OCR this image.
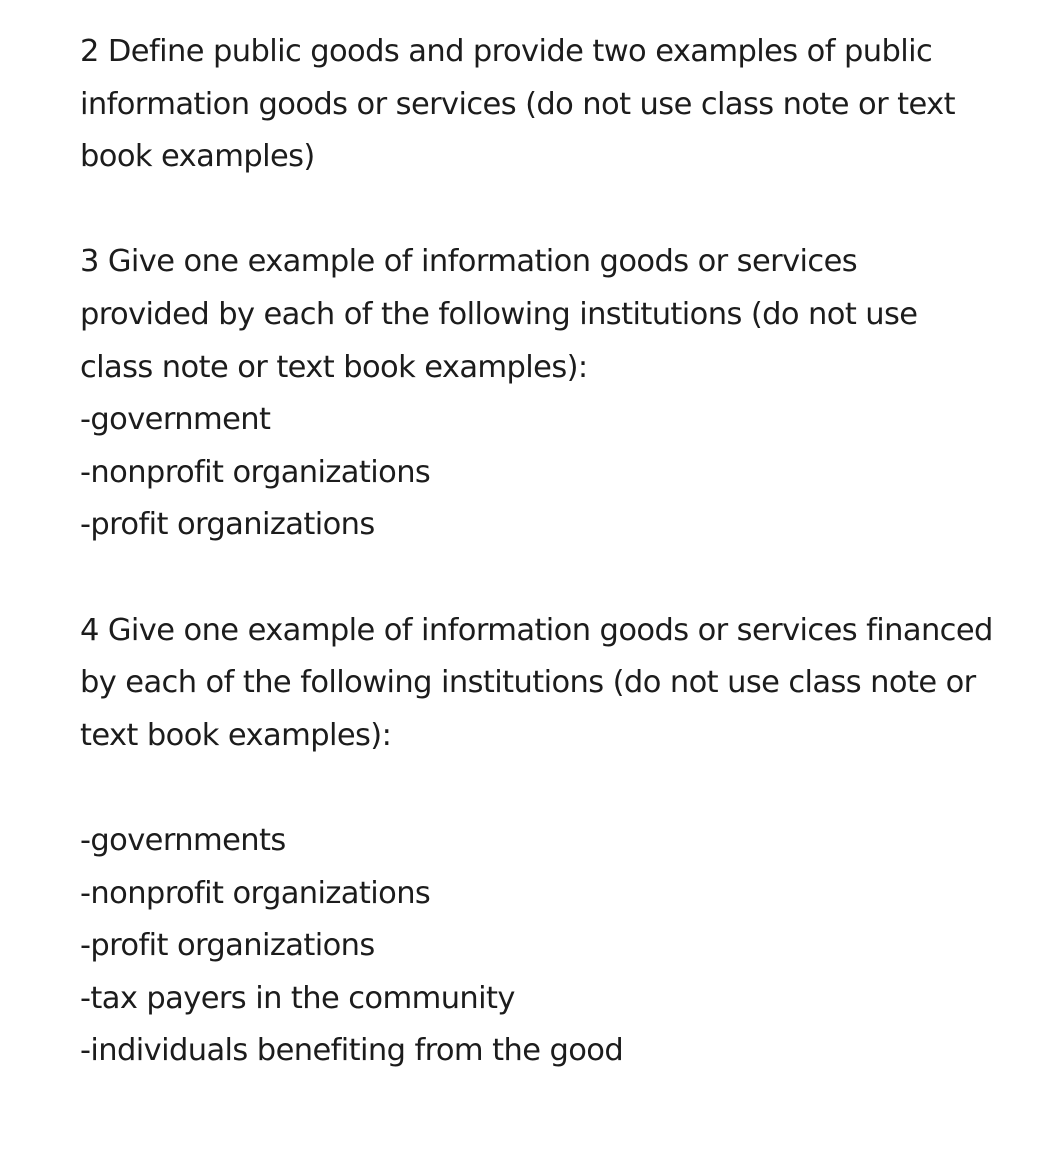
2 Define public goods and provide two examples of public
information goods or services (do not use class note or text
book examples)
3 Give one example of information goods or services
provided by each of the following institutions (do not use
class note or text book examples):
-government
-nonprofit organizations
-profit organizations
4 Give one example of information goods or services financed
by each of the following institutions (do not use class note or
text book examples):
-governments
-nonprofit organizations
-profit organizations
-tax payers in the community
-individuals benefiting from the good
